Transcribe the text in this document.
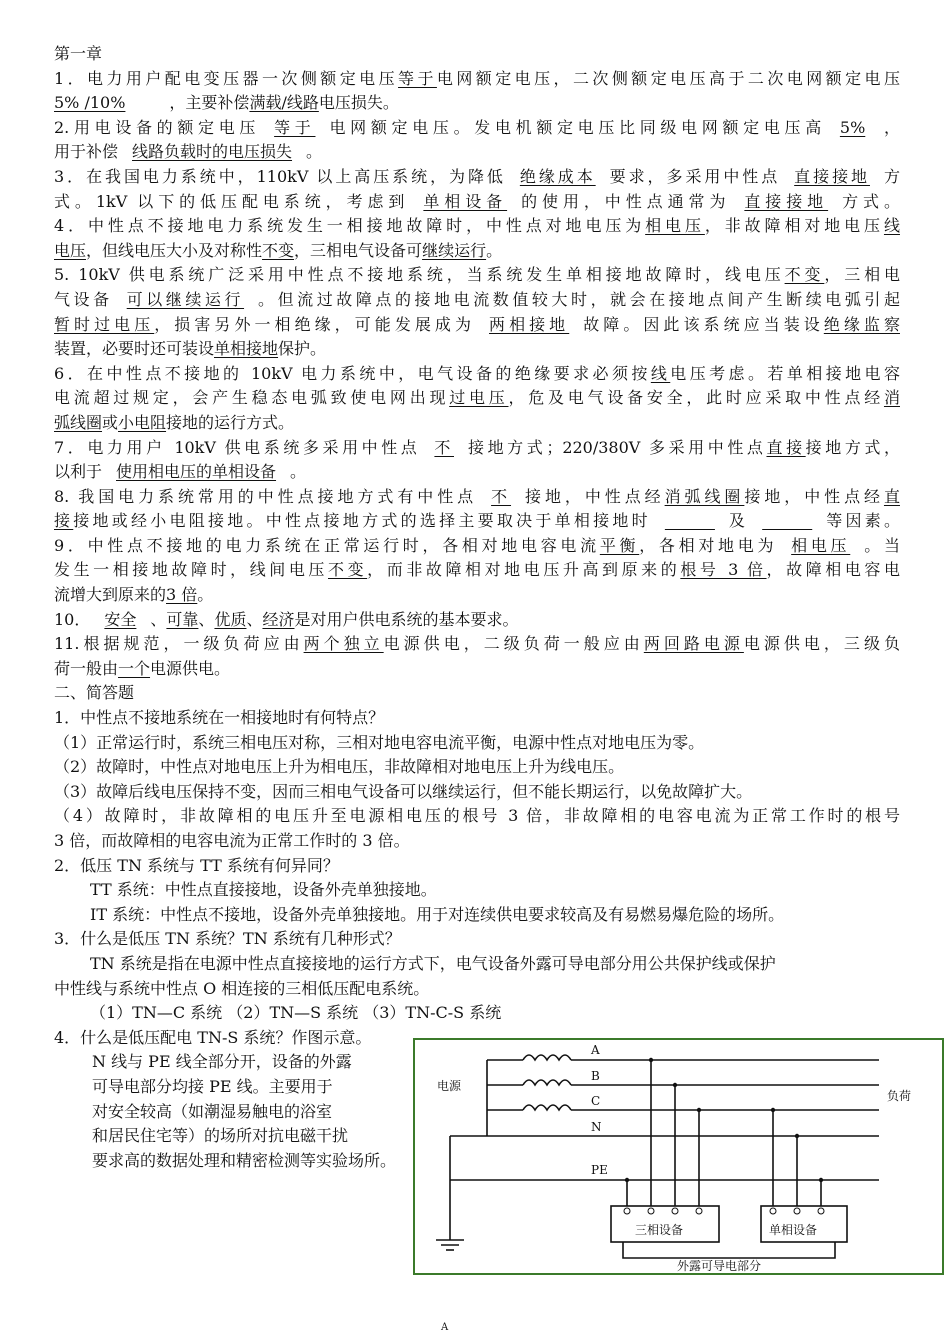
第一章
1．电力用户配电变压器一次侧额定电压等于电网额定电压，二次侧额定电压高于二次电网额定电压
5% /10%	，主要补偿满载/线路电压损失。
2.用电设备的额定电压 等于 电网额定电压。发电机额定电压比同级电网额定电压高 5% ，
用于补偿 线路负载时的电压损失 。
3．在我国电力系统中，110kV 以上高压系统，为降低 绝缘成本 要求，多采用中性点 直接接地 方
式。1kV 以下的低压配电系统，考虑到 单相设备 的使用，中性点通常为 直接接地 方式。
4．中性点不接地电力系统发生一相接地故障时，中性点对地电压为相电压，非故障相对地电压线
电压，但线电压大小及对称性不变，三相电气设备可继续运行。
5. 10kV 供电系统广泛采用中性点不接地系统，当系统发生单相接地故障时，线电压不变，三相电
气设备 可以继续运行 。但流过故障点的接地电流数值较大时，就会在接地点间产生断续电弧引起
暂时过电压，损害另外一相绝缘，可能发展成为 两相接地 故障。因此该系统应当装设绝缘监察
装置，必要时还可装设单相接地保护。
6．在中性点不接地的 10kV 电力系统中，电气设备的绝缘要求必须按线电压考虑。若单相接地电容
电流超过规定，会产生稳态电弧致使电网出现过电压，危及电气设备安全，此时应采取中性点经消
弧线圈或小电阻接地的运行方式。
7．电力用户 10kV 供电系统多采用中性点 不 接地方式；220/380V 多采用中性点直接接地方式，
以利于 使用相电压的单相设备 。
8. 我国电力系统常用的中性点接地方式有中性点 不 接地，中性点经消弧线圈接地，中性点经直
接接地或经小电阻接地。中性点接地方式的选择主要取决于单相接地时	及	等因素。
9．中性点不接地的电力系统在正常运行时，各相对地电容电流平衡，各相对地电为 相电压 。当
发生一相接地故障时，线间电压不变，而非故障相对地电压升高到原来的根号 3 倍，故障相电容电
流增大到原来的3 倍。
10． 安全 、可靠、优质、经济是对用户供电系统的基本要求。
11.根据规范，一级负荷应由两个独立电源供电，二级负荷一般应由两回路电源电源供电，三级负
荷一般由一个电源供电。
二、简答题
1．中性点不接地系统在一相接地时有何特点？
（1）正常运行时，系统三相电压对称，三相对地电容电流平衡，电源中性点对地电压为零。
（2）故障时，中性点对地电压上升为相电压，非故障相对地电压上升为线电压。
（3）故障后线电压保持不变，因而三相电气设备可以继续运行，但不能长期运行，以免故障扩大。
（4）故障时，非故障相的电压升至电源相电压的根号 3 倍，非故障相的电容电流为正常工作时的根号
3 倍，而故障相的电容电流为正常工作时的 3 倍。
2．低压 TN 系统与 TT 系统有何异同？
TT 系统：中性点直接接地，设备外壳单独接地。
IT 系统：中性点不接地，设备外壳单独接地。用于对连续供电要求较高及有易燃易爆危险的场所。
3．什么是低压 TN 系统？TN 系统有几种形式？
TN 系统是指在电源中性点直接接地的运行方式下，电气设备外露可导电部分用公共保护线或保护
中性线与系统中性点 O 相连接的三相低压配电系统。
（1）TN—C 系统 （2）TN—S 系统 （3）TN-C-S 系统
4．什么是低压配电 TN-S 系统？作图示意。
N 线与 PE 线全部分开，设备的外露
可导电部分均接 PE 线。主要用于
对安全较高（如潮湿易触电的浴室
和居民住宅等）的场所对抗电磁干扰
要求高的数据处理和精密检测等实验场所。
电源
负荷
A
B
C
N
PE
三相设备	单相设备
外露可导电部分
A
